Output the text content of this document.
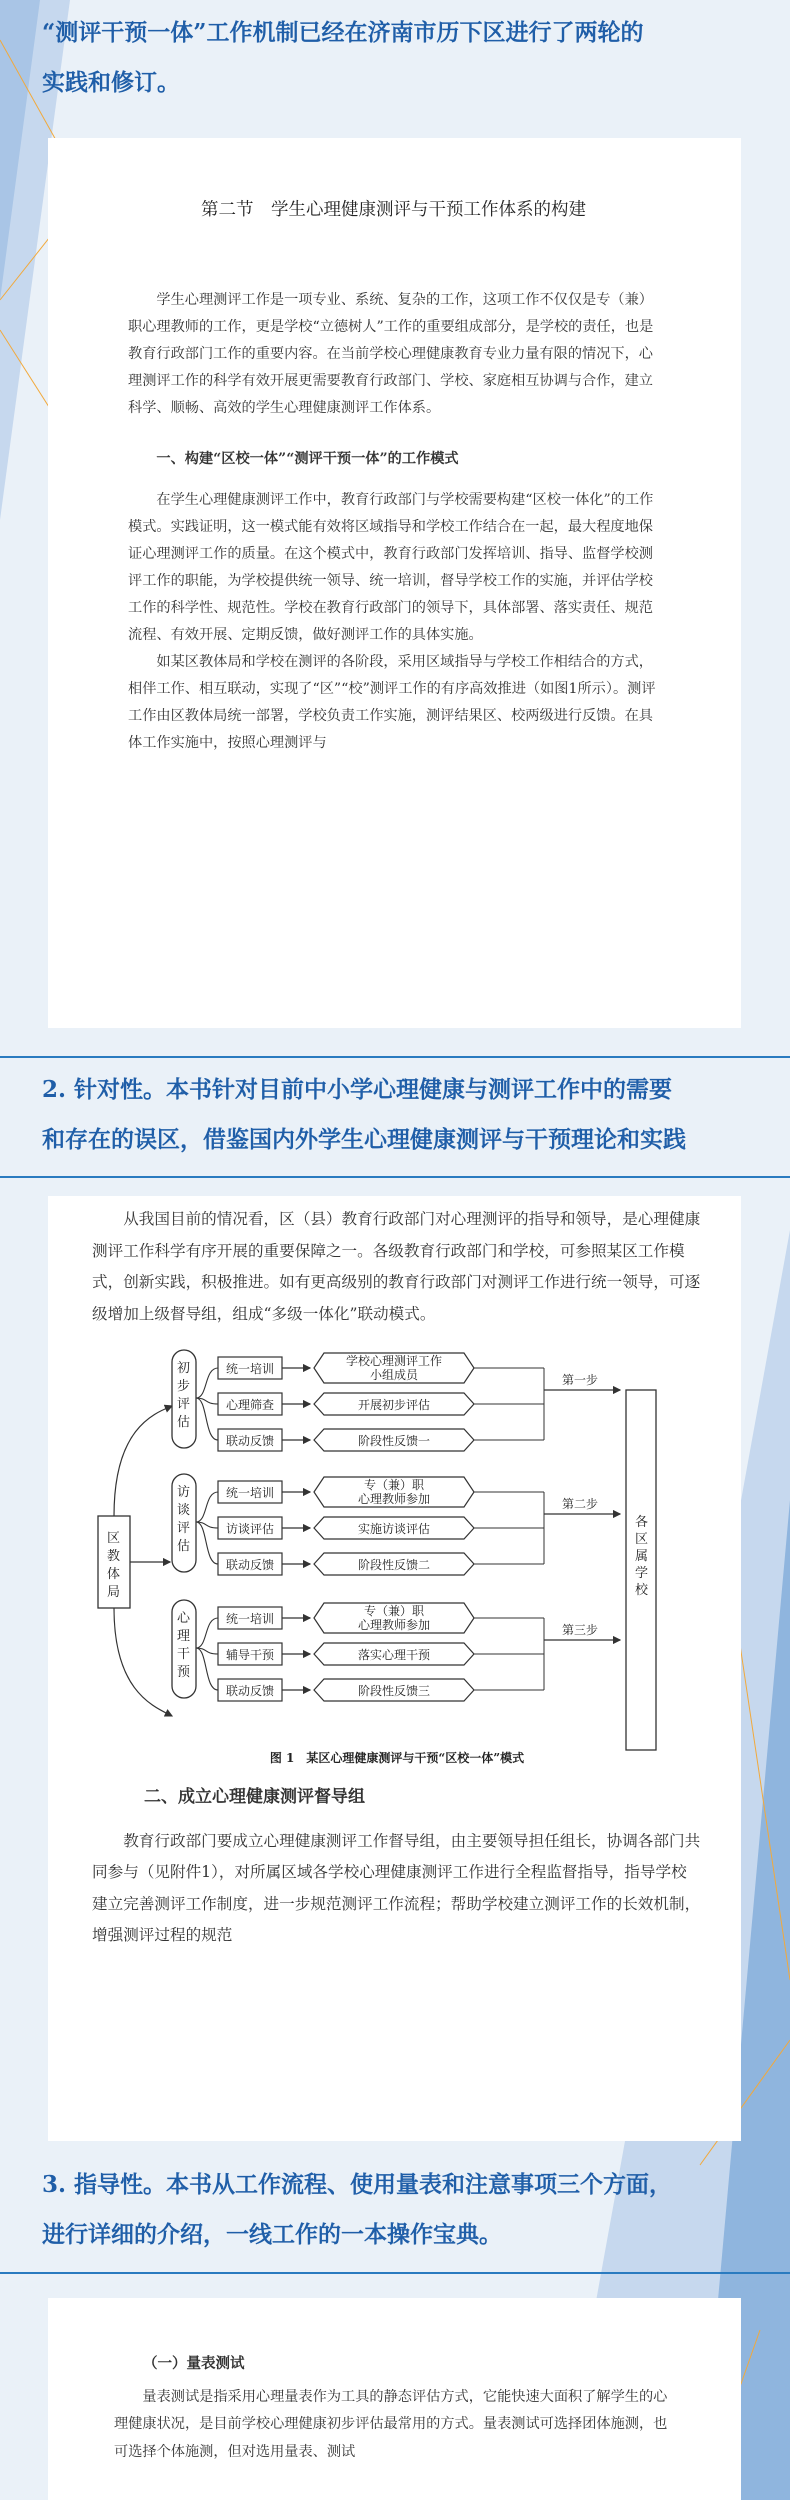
“测评干预一体”工作机制已经在济南市历下区进行了两轮的
实践和修订。
第二节　学生心理健康测评与干预工作体系的构建

学生心理测评工作是一项专业、系统、复杂的工作，这项工作不仅仅是专（兼）职心理教师的工作，更是学校“立德树人”工作的重要组成部分，是学校的责任，也是教育行政部门工作的重要内容。在当前学校心理健康教育专业力量有限的情况下，心理测评工作的科学有效开展更需要教育行政部门、学校、家庭相互协调与合作，建立科学、顺畅、高效的学生心理健康测评工作体系。

一、构建“区校一体”“测评干预一体”的工作模式

在学生心理健康测评工作中，教育行政部门与学校需要构建“区校一体化”的工作模式。实践证明，这一模式能有效将区域指导和学校工作结合在一起，最大程度地保证心理测评工作的质量。在这个模式中，教育行政部门发挥培训、指导、监督学校测评工作的职能，为学校提供统一领导、统一培训，督导学校工作的实施，并评估学校工作的科学性、规范性。学校在教育行政部门的领导下，具体部署、落实责任、规范流程、有效开展、定期反馈，做好测评工作的具体实施。

如某区教体局和学校在测评的各阶段，采用区域指导与学校工作相结合的方式，相伴工作、相互联动，实现了“区”“校”测评工作的有序高效推进（如图1所示）。测评工作由区教体局统一部署，学校负责工作实施，测评结果区、校两级进行反馈。在具体工作实施中，按照心理测评与

2. 针对性。本书针对目前中小学心理健康与测评工作中的需要
和存在的误区，借鉴国内外学生心理健康测评与干预理论和实践

从我国目前的情况看，区（县）教育行政部门对心理测评的指导和领导，是心理健康测评工作科学有序开展的重要保障之一。各级教育行政部门和学校，可参照某区工作模式，创新实践，积极推进。如有更高级别的教育行政部门对测评工作进行统一领导，可逐级增加上级督导组，组成“多级一体化”联动模式。

区教体局
各区属学校
初步评估
统一培训
学校心理测评工作小组成员
心理筛查	开展初步评估
联动反馈	阶段性反馈一
第一步
访谈评估
统一培训
专（兼）职心理教师参加
访谈评估	实施访谈评估
联动反馈	阶段性反馈二
第二步
心理干预
统一培训
专（兼）职心理教师参加
辅导干预	落实心理干预
联动反馈	阶段性反馈三
第三步
图 1　某区心理健康测评与干预“区校一体”模式

二、成立心理健康测评督导组

教育行政部门要成立心理健康测评工作督导组，由主要领导担任组长，协调各部门共同参与（见附件1），对所属区域各学校心理健康测评工作进行全程监督指导，指导学校建立完善测评工作制度，进一步规范测评工作流程；帮助学校建立测评工作的长效机制，增强测评过程的规范

3. 指导性。本书从工作流程、使用量表和注意事项三个方面，
进行详细的介绍，一线工作的一本操作宝典。

（一）量表测试

量表测试是指采用心理量表作为工具的静态评估方式，它能快速大面积了解学生的心理健康状况，是目前学校心理健康初步评估最常用的方式。量表测试可选择团体施测，也可选择个体施测，但对选用量表、测试
